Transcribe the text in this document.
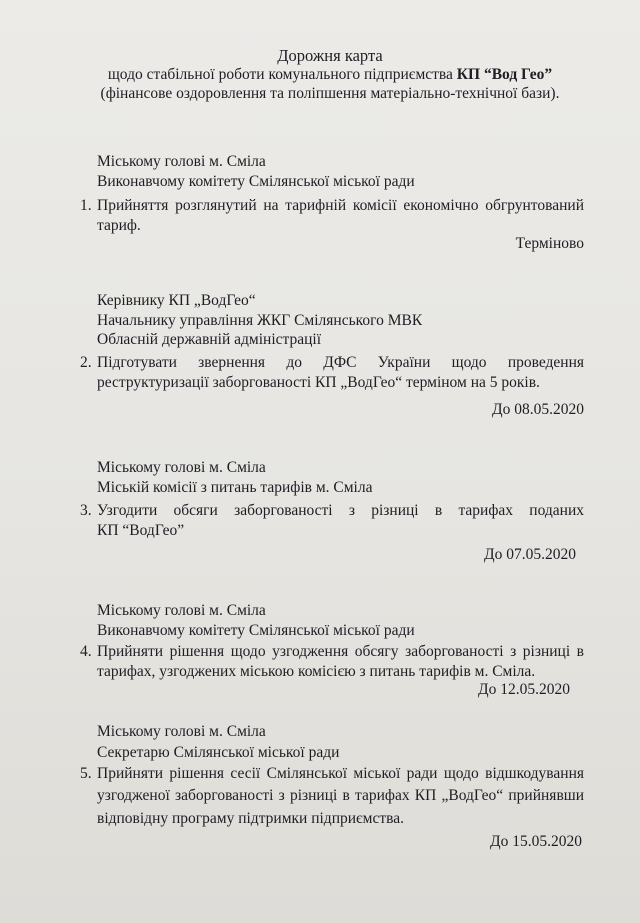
Дорожня карта
щодо стабільної роботи комунального підприємства КП “Вод Гео”
(фінансове оздоровлення та поліпшення матеріально-технічної бази).
Міському голові м. Сміла
Виконавчому комітету Смілянської міської ради
1. Прийняття розглянутий на тарифній комісії економічно обгрунтований
тариф.
Терміново
Керівнику КП „ВодГео“
Начальнику управління ЖКГ Смілянського МВК
Обласній державній адміністрації
2. Підготувати звернення до ДФС України щодо проведення
реструктуризації заборгованості КП „ВодГео“ терміном на 5 років.
До 08.05.2020
Міському голові м. Сміла
Міській комісії з питань тарифів м. Сміла
3. Узгодити обсяги заборгованості з різниці в тарифах поданих
КП “ВодГео”
До 07.05.2020
Міському голові м. Сміла
Виконавчому комітету Смілянської міської ради
4. Прийняти рішення щодо узгодження обсягу заборгованості з різниці в
тарифах, узгоджених міською комісією з питань тарифів м. Сміла.
До 12.05.2020
Міському голові м. Сміла
Секретарю Смілянської міської ради
5. Прийняти рішення сесії Смілянської міської ради щодо відшкодування
узгодженої заборгованості з різниці в тарифах КП „ВодГео“ прийнявши
відповідну програму підтримки підприємства.
До 15.05.2020
